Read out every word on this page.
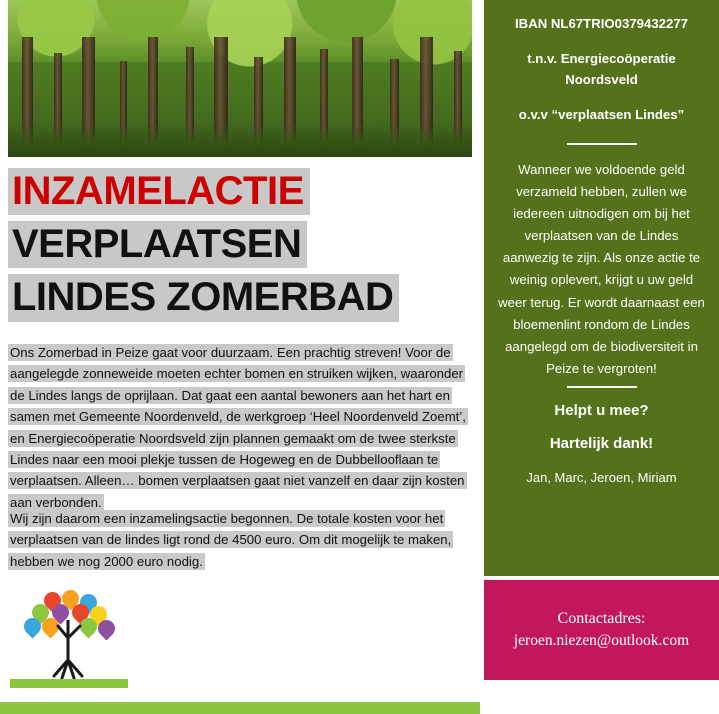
INZAMELACTIE VERPLAATSEN LINDES ZOMERBAD
Ons Zomerbad in Peize gaat voor duurzaam. Een prachtig streven! Voor de aangelegde zonneweide moeten echter bomen en struiken wijken, waaronder de Lindes langs de oprijlaan. Dat gaat een aantal bewoners aan het hart en samen met Gemeente Noordenveld, de werkgroep ‘Heel Noordenveld Zoemt’, en Energiecoöperatie Noordsveld zijn plannen gemaakt om de twee sterkste Lindes naar een mooi plekje tussen de Hogeweg en de Dubbellooflaan te verplaatsen. Alleen… bomen verplaatsen gaat niet vanzelf en daar zijn kosten aan verbonden.
Wij zijn daarom een inzamelingsactie begonnen. De totale kosten voor het verplaatsen van de lindes ligt rond de 4500 euro. Om dit mogelijk te maken, hebben we nog 2000 euro nodig.
IBAN NL67TRIO0379432277
t.n.v. Energiecoöperatie
Noordsveld
o.v.v “verplaatsen Lindes”
Wanneer we voldoende geld verzameld hebben, zullen we iedereen uitnodigen om bij het verplaatsen van de Lindes aanwezig te zijn. Als onze actie te weinig oplevert, krijgt u uw geld weer terug. Er wordt daarnaast een bloemenlint rondom de Lindes aangelegd om de biodiversiteit in Peize te vergroten!
Helpt u mee?
Hartelijk dank!
Jan, Marc, Jeroen, Miriam
Contactadres:
jeroen.niezen@outlook.com
